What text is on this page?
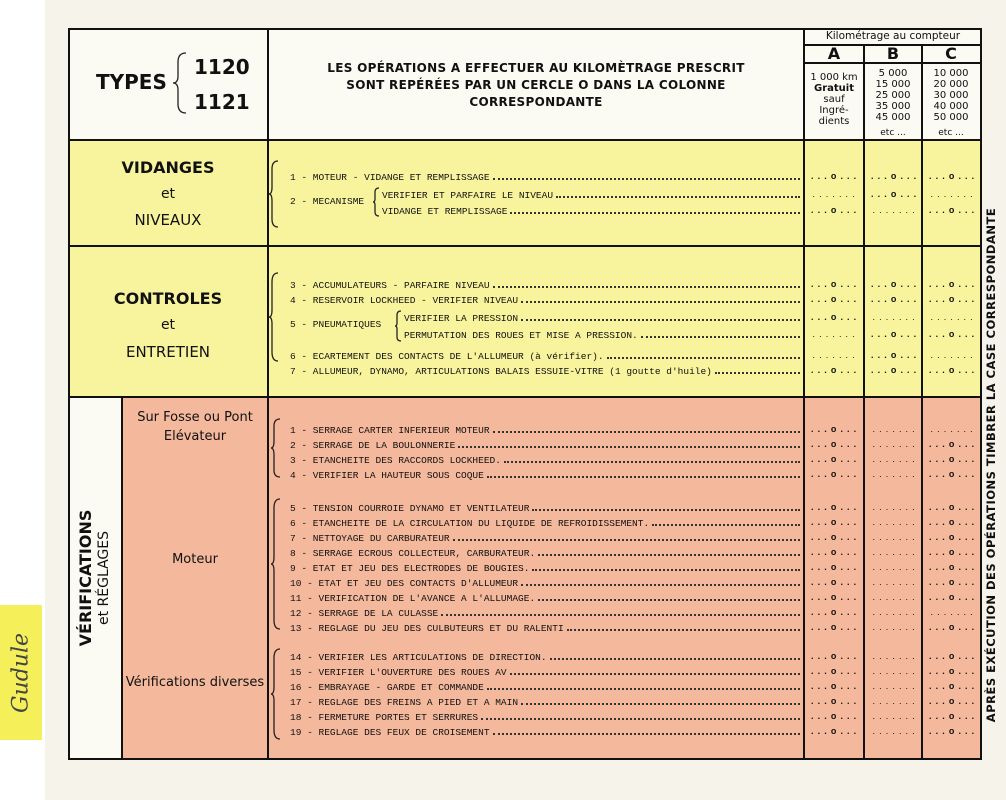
Gudule
TYPES
1120
1121
LES OPÉRATIONS A EFFECTUER AU KILOMÈTRAGE PRESCRIT
SONT REPÉRÉES PAR UN CERCLE O DANS LA COLONNE
CORRESPONDANTE
Kilométrage au compteur
A
1 000 km
Gratuit
sauf
Ingré-
dients
B
5 000
15 000
25 000
35 000
45 000
etc ...
C
10 000
20 000
30 000
40 000
50 000
etc ...
VIDANGES
et
NIVEAUX
CONTROLES
et
ENTRETIEN
VÉRIFICATIONS et RÉGLAGES
Sur Fosse ou Pont Elévateur
Moteur
Vérifications diverses
2 - MECANISME
5 - PNEUMATIQUES
1 - MOTEUR - VIDANGE ET REMPLISSAGE	. . . o . . .	. . . o . . .	. . . o . . .
VERIFIER ET PARFAIRE LE NIVEAU	. . . . . . .	. . . o . . .	. . . . . . .
VIDANGE ET REMPLISSAGE	. . . o . . .	. . . . . . .	. . . o . . .
3 - ACCUMULATEURS - PARFAIRE NIVEAU	. . . o . . .	. . . o . . .	. . . o . . .
4 - RESERVOIR LOCKHEED - VERIFIER NIVEAU	. . . o . . .	. . . o . . .	. . . o . . .
VERIFIER LA PRESSION	. . . o . . .	. . . . . . .	. . . . . . .
PERMUTATION DES ROUES ET MISE A PRESSION.	. . . . . . .	. . . o . . .	. . . o . . .
6 - ECARTEMENT DES CONTACTS DE L'ALLUMEUR (à vérifier).	. . . . . . .	. . . o . . .	. . . . . . .
7 - ALLUMEUR, DYNAMO, ARTICULATIONS BALAIS ESSUIE-VITRE (1 goutte d'huile)	. . . o . . .	. . . o . . .	. . . o . . .
1 - SERRAGE CARTER INFERIEUR MOTEUR	. . . o . . .	. . . . . . .	. . . . . . .
2 - SERRAGE DE LA BOULONNERIE	. . . o . . .	. . . . . . .	. . . o . . .
3 - ETANCHEITE DES RACCORDS LOCKHEED.	. . . o . . .	. . . . . . .	. . . o . . .
4 - VERIFIER LA HAUTEUR SOUS COQUE	. . . o . . .	. . . . . . .	. . . o . . .
5 - TENSION COURROIE DYNAMO ET VENTILATEUR	. . . o . . .	. . . . . . .	. . . o . . .
6 - ETANCHEITE DE LA CIRCULATION DU LIQUIDE DE REFROIDISSEMENT.	. . . o . . .	. . . . . . .	. . . o . . .
7 - NETTOYAGE DU CARBURATEUR	. . . o . . .	. . . . . . .	. . . o . . .
8 - SERRAGE ECROUS COLLECTEUR, CARBURATEUR.	. . . o . . .	. . . . . . .	. . . o . . .
9 - ETAT ET JEU DES ELECTRODES DE BOUGIES.	. . . o . . .	. . . . . . .	. . . o . . .
10 - ETAT ET JEU DES CONTACTS D'ALLUMEUR	. . . o . . .	. . . . . . .	. . . o . . .
11 - VERIFICATION DE L'AVANCE A L'ALLUMAGE.	. . . o . . .	. . . . . . .	. . . o . . .
12 - SERRAGE DE LA CULASSE	. . . o . . .	. . . . . . .	. . . . . . .
13 - REGLAGE DU JEU DES CULBUTEURS ET DU RALENTI	. . . o . . .	. . . . . . .	. . . o . . .
14 - VERIFIER LES ARTICULATIONS DE DIRECTION.	. . . o . . .	. . . . . . .	. . . o . . .
15 - VERIFIER L'OUVERTURE DES ROUES AV	. . . o . . .	. . . . . . .	. . . o . . .
16 - EMBRAYAGE - GARDE ET COMMANDE	. . . o . . .	. . . . . . .	. . . o . . .
17 - REGLAGE DES FREINS A PIED ET A MAIN	. . . o . . .	. . . . . . .	. . . o . . .
18 - FERMETURE PORTES ET SERRURES	. . . o . . .	. . . . . . .	. . . o . . .
19 - REGLAGE DES FEUX DE CROISEMENT	. . . o . . .	. . . . . . .	. . . o . . .
APRÈS EXÉCUTION DES OPÉRATIONS TIMBRER LA CASE CORRESPONDANTE
